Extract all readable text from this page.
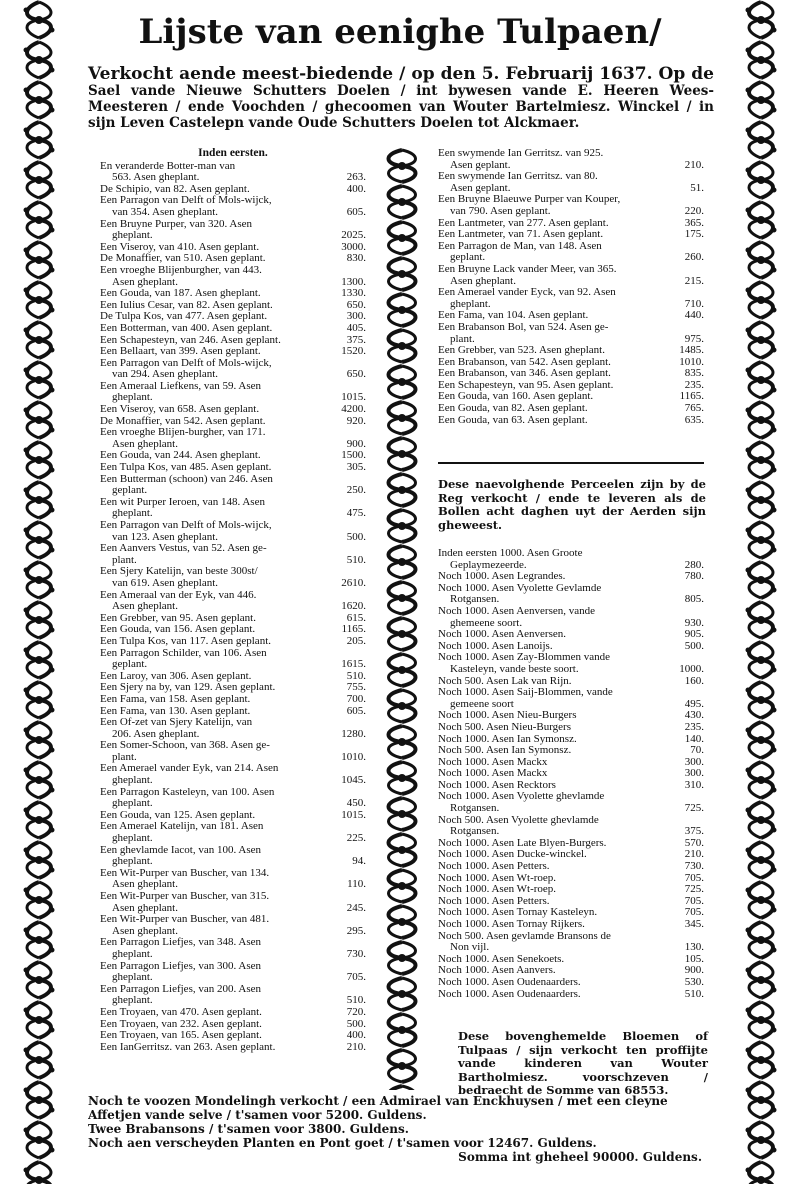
Lijste van eenighe Tulpaen/
Verkocht aende meest-biedende / op den 5. Februarij 1637. Op de Sael vande Nieuwe Schutters Doelen / int bywesen vande E. Heeren Wees-Meesteren / ende Voochden / ghecoomen van Wouter Bartelmiesz. Winckel / in sijn Leven Castelepn vande Oude Schutters Doelen tot Alckmaer.
Inden eersten.
En veranderde Botter-man van
563. Asen gheplant.	263.
De Schipio, van 82. Asen geplant.	400.
Een Parragon van Delft of Mols-wijck,
van 354. Asen gheplant.	605.
Een Bruyne Purper, van 320. Asen
gheplant.	2025.
Een Viseroy, van 410. Asen geplant.	3000.
De Monaffier, van 510. Asen geplant.	830.
Een vroeghe Blijenburgher, van 443.
Asen gheplant.	1300.
Een Gouda, van 187. Asen gheplant.	1330.
Een Iulius Cesar, van 82. Asen geplant.	650.
De Tulpa Kos, van 477. Asen geplant.	300.
Een Botterman, van 400. Asen geplant.	405.
Een Schapesteyn, van 246. Asen geplant.	375.
Een Bellaart, van 399. Asen geplant.	1520.
Een Parragon van Delft of Mols-wijck,
van 294. Asen gheplant.	650.
Een Ameraal Liefkens, van 59. Asen
gheplant.	1015.
Een Viseroy, van 658. Asen geplant.	4200.
De Monaffier, van 542. Asen geplant.	920.
Een vroeghe Blijen-burgher, van 171.
Asen gheplant.	900.
Een Gouda, van 244. Asen gheplant.	1500.
Een Tulpa Kos, van 485. Asen geplant.	305.
Een Butterman (schoon) van 246. Asen
geplant.	250.
Een wit Purper Ieroen, van 148. Asen
gheplant.	475.
Een Parragon van Delft of Mols-wijck,
van 123. Asen gheplant.	500.
Een Aanvers Vestus, van 52. Asen ge-
plant.	510.
Een Sjery Katelijn, van beste 300st/
van 619. Asen gheplant.	2610.
Een Ameraal van der Eyk, van 446.
Asen gheplant.	1620.
Een Grebber, van 95. Asen geplant.	615.
Een Gouda, van 156. Asen geplant.	1165.
Een Tulpa Kos, van 117. Asen geplant.	205.
Een Parragon Schilder, van 106. Asen
geplant.	1615.
Een Laroy, van 306. Asen geplant.	510.
Een Sjery na by, van 129. Asen geplant.	755.
Een Fama, van 158. Asen geplant.	700.
Een Fama, van 130. Asen geplant.	605.
Een Of-zet van Sjery Katelijn, van
206. Asen gheplant.	1280.
Een Somer-Schoon, van 368. Asen ge-
plant.	1010.
Een Amerael vander Eyk, van 214. Asen
gheplant.	1045.
Een Parragon Kasteleyn, van 100. Asen
gheplant.	450.
Een Gouda, van 125. Asen geplant.	1015.
Een Amerael Katelijn, van 181. Asen
gheplant.	225.
Een ghevlamde Iacot, van 100. Asen
gheplant.	94.
Een Wit-Purper van Buscher, van 134.
Asen gheplant.	110.
Een Wit-Purper van Buscher, van 315.
Asen gheplant.	245.
Een Wit-Purper van Buscher, van 481.
Asen gheplant.	295.
Een Parragon Liefjes, van 348. Asen
gheplant.	730.
Een Parragon Liefjes, van 300. Asen
gheplant.	705.
Een Parragon Liefjes, van 200. Asen
gheplant.	510.
Een Troyaen, van 470. Asen geplant.	720.
Een Troyaen, van 232. Asen geplant.	500.
Een Troyaen, van 165. Asen geplant.	400.
Een IanGerritsz. van 263. Asen geplant.	210.
Een swymende Ian Gerritsz. van 925.
Asen geplant.	210.
Een swymende Ian Gerritsz. van 80.
Asen geplant.	51.
Een Bruyne Blaeuwe Purper van Kouper,
van 790. Asen geplant.	220.
Een Lantmeter, van 277. Asen geplant.	365.
Een Lantmeter, van 71. Asen geplant.	175.
Een Parragon de Man, van 148. Asen
geplant.	260.
Een Bruyne Lack vander Meer, van 365.
Asen gheplant.	215.
Een Amerael vander Eyck, van 92. Asen
gheplant.	710.
Een Fama, van 104. Asen geplant.	440.
Een Brabanson Bol, van 524. Asen ge-
plant.	975.
Een Grebber, van 523. Asen gheplant.	1485.
Een Brabanson, van 542. Asen geplant.	1010.
Een Brabanson, van 346. Asen geplant.	835.
Een Schapesteyn, van 95. Asen geplant.	235.
Een Gouda, van 160. Asen geplant.	1165.
Een Gouda, van 82. Asen geplant.	765.
Een Gouda, van 63. Asen geplant.	635.
Dese naevolghende Perceelen zijn by de Reg verkocht / ende te leveren als de Bollen acht daghen uyt der Aerden sijn gheweest.
Inden eersten 1000. Asen Groote
Geplaymezeerde.	280.
Noch 1000. Asen Legrandes.	780.
Noch 1000. Asen Vyolette Gevlamde
Rotgansen.	805.
Noch 1000. Asen Aenversen, vande
ghemeene soort.	930.
Noch 1000. Asen Aenversen.	905.
Noch 1000. Asen Lanoijs.	500.
Noch 1000. Asen Zay-Blommen vande
Kasteleyn, vande beste soort.	1000.
Noch 500. Asen Lak van Rijn.	160.
Noch 1000. Asen Saij-Blommen, vande
gemeene soort	495.
Noch 1000. Asen Nieu-Burgers	430.
Noch 500. Asen Nieu-Burgers	235.
Noch 1000. Asen Ian Symonsz.	140.
Noch 500. Asen Ian Symonsz.	70.
Noch 1000. Asen Mackx	300.
Noch 1000. Asen Mackx	300.
Noch 1000. Asen Recktors	310.
Noch 1000. Asen Vyolette ghevlamde
Rotgansen.	725.
Noch 500. Asen Vyolette ghevlamde
Rotgansen.	375.
Noch 1000. Asen Late Blyen-Burgers.	570.
Noch 1000. Asen Ducke-winckel.	210.
Noch 1000. Asen Petters.	730.
Noch 1000. Asen Wt-roep.	705.
Noch 1000. Asen Wt-roep.	725.
Noch 1000. Asen Petters.	705.
Noch 1000. Asen Tornay Kasteleyn.	705.
Noch 1000. Asen Tornay Rijkers.	345.
Noch 500. Asen gevlamde Bransons de
Non vijl.	130.
Noch 1000. Asen Senekoets.	105.
Noch 1000. Asen Aanvers.	900.
Noch 1000. Asen Oudenaarders.	530.
Noch 1000. Asen Oudenaarders.	510.
Dese bovenghemelde Bloemen of Tulpaas / sijn verkocht ten proffijte vande kinderen van Wouter Bartholmiesz. voorschzeven / bedraecht de Somme van 68553.
Noch te voozen Mondelingh verkocht / een Admirael van Enckhuysen / met een cleyne
Affetjen vande selve / t'samen voor 5200. Guldens.
Twee Brabansons / t'samen voor 3800. Guldens.
Noch aen verscheyden Planten en Pont goet / t'samen voor 12467. Guldens.
Somma int gheheel 90000. Guldens.
